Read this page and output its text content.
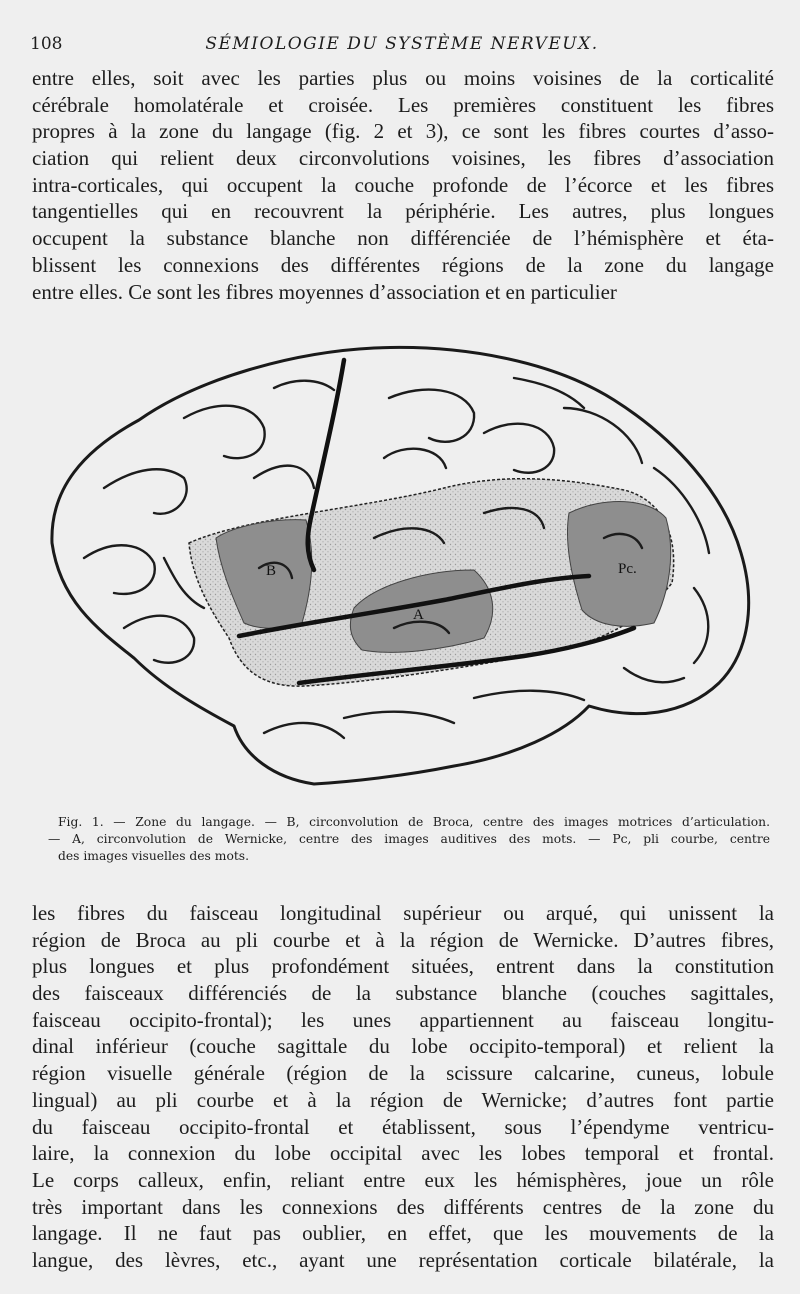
108	SÉMIOLOGIE DU SYSTÈME NERVEUX.
entre elles, soit avec les parties plus ou moins voisines de la corticalité
cérébrale homolatérale et croisée. Les premières constituent les fibres
propres à la zone du langage (fig. 2 et 3), ce sont les fibres courtes d’asso-
ciation qui relient deux circonvolutions voisines, les fibres d’association
intra-corticales, qui occupent la couche profonde de l’écorce et les fibres
tangentielles qui en recouvrent la périphérie. Les autres, plus longues
occupent la substance blanche non différenciée de l’hémisphère et éta-
blissent les connexions des différentes régions de la zone du langage
entre elles. Ce sont les fibres moyennes d’association et en particulier
B
A
Pc.
Fig. 1. — Zone du langage. — B, circonvolution de Broca, centre des images motrices d’articulation.
— A, circonvolution de Wernicke, centre des images auditives des mots. — Pc, pli courbe, centre
des images visuelles des mots.
les fibres du faisceau longitudinal supérieur ou arqué, qui unissent la
région de Broca au pli courbe et à la région de Wernicke. D’autres fibres,
plus longues et plus profondément situées, entrent dans la constitution
des faisceaux différenciés de la substance blanche (couches sagittales,
faisceau occipito-frontal); les unes appartiennent au faisceau longitu-
dinal inférieur (couche sagittale du lobe occipito-temporal) et relient la
région visuelle générale (région de la scissure calcarine, cuneus, lobule
lingual) au pli courbe et à la région de Wernicke; d’autres font partie
du faisceau occipito-frontal et établissent, sous l’épendyme ventricu-
laire, la connexion du lobe occipital avec les lobes temporal et frontal.
Le corps calleux, enfin, reliant entre eux les hémisphères, joue un rôle
très important dans les connexions des différents centres de la zone du
langage. Il ne faut pas oublier, en effet, que les mouvements de la
langue, des lèvres, etc., ayant une représentation corticale bilatérale, la
